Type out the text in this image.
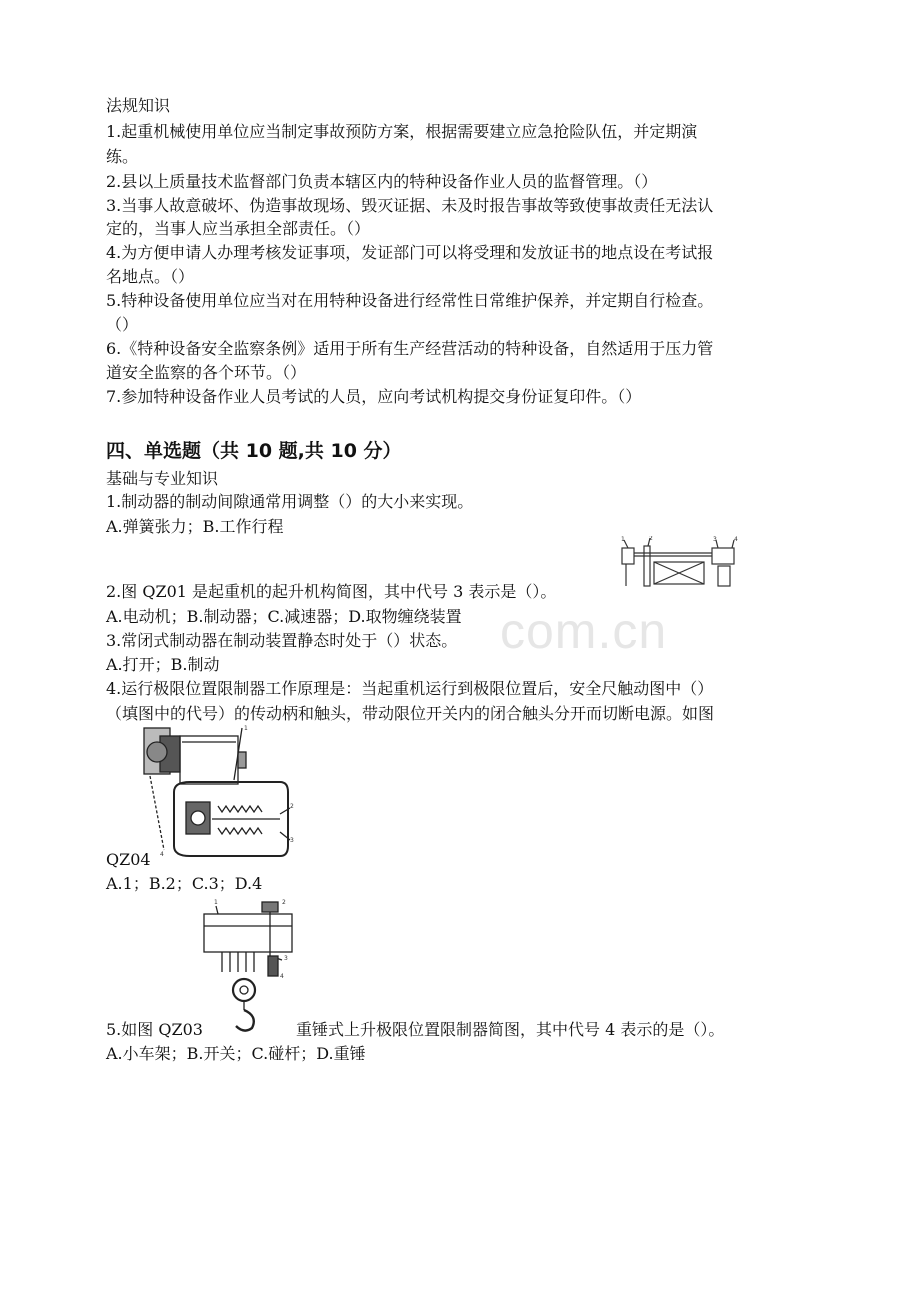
com.cn
法规知识
1.起重机械使用单位应当制定事故预防方案，根据需要建立应急抢险队伍，并定期演
练。
2.县以上质量技术监督部门负责本辖区内的特种设备作业人员的监督管理。（）
3.当事人故意破坏、伪造事故现场、毁灭证据、未及时报告事故等致使事故责任无法认
定的，当事人应当承担全部责任。（）
4.为方便申请人办理考核发证事项，发证部门可以将受理和发放证书的地点设在考试报
名地点。（）
5.特种设备使用单位应当对在用特种设备进行经常性日常维护保养，并定期自行检查。
（）
6.《特种设备安全监察条例》适用于所有生产经营活动的特种设备，自然适用于压力管
道安全监察的各个环节。（）
7.参加特种设备作业人员考试的人员，应向考试机构提交身份证复印件。（）
四、单选题（共 10 题,共 10 分）
基础与专业知识
1.制动器的制动间隙通常用调整（）的大小来实现。
A.弹簧张力；B.工作行程
1	2	3	4
2.图 QZ01 是起重机的起升机构简图，其中代号 3 表示是（）。
A.电动机；B.制动器；C.减速器；D.取物缠绕装置
3.常闭式制动器在制动装置静态时处于（）状态。
A.打开；B.制动
4.运行极限位置限制器工作原理是：当起重机运行到极限位置后，安全尺触动图中（）
（填图中的代号）的传动柄和触头，带动限位开关内的闭合触头分开而切断电源。如图
1
2
3
4
QZ04
A.1；B.2；C.3；D.4
1	2
3
4
5.如图 QZ03	重锤式上升极限位置限制器简图，其中代号 4 表示的是（）。
A.小车架；B.开关；C.碰杆；D.重锤
